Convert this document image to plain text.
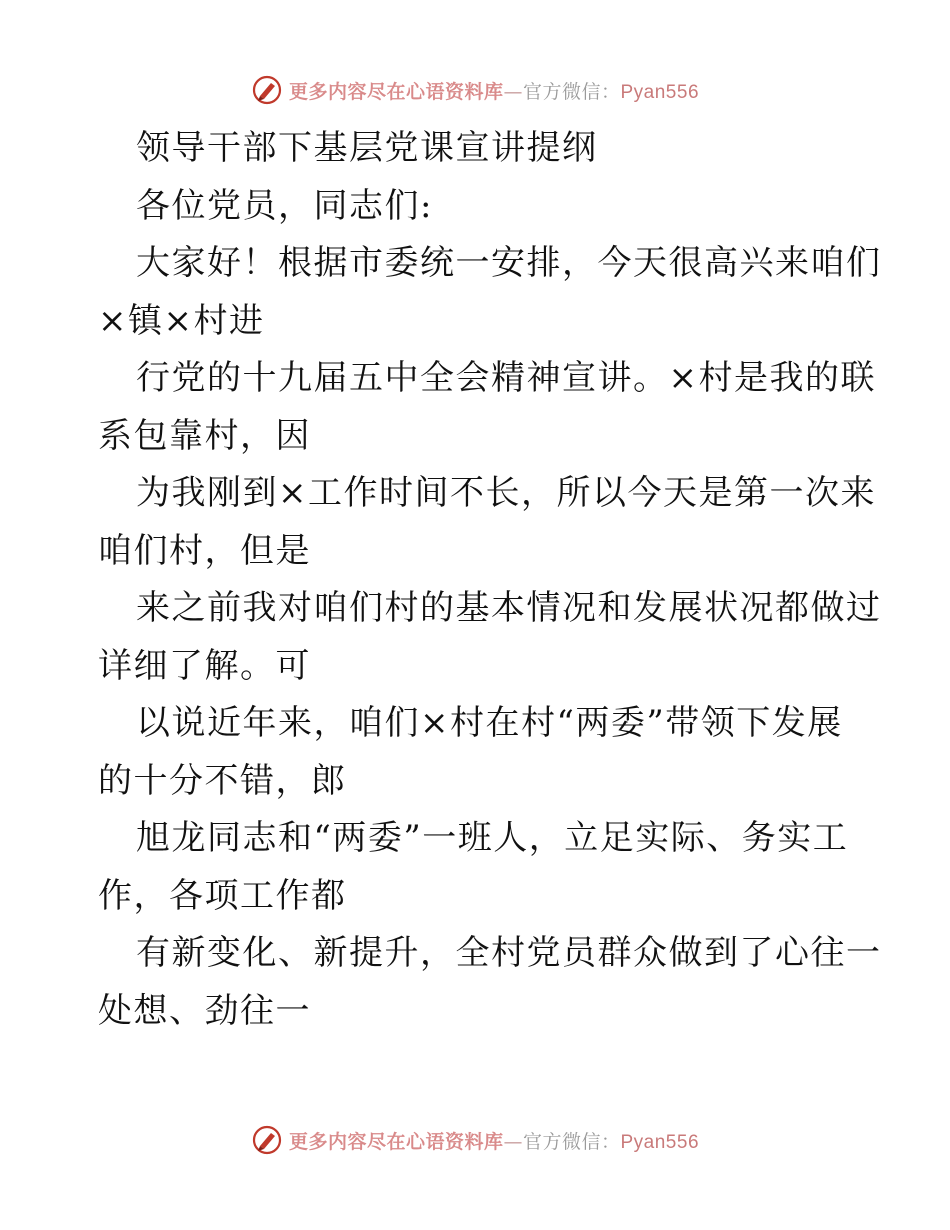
更多内容尽在心语资料库 — 官方微信： Pyan556
领导干部下基层党课宣讲提纲
各位党员，同志们:
大家好！根据市委统一安排，今天很高兴来咱们
×镇×村进
行党的十九届五中全会精神宣讲。×村是我的联
系包靠村，因
为我刚到×工作时间不长，所以今天是第一次来
咱们村，但是
来之前我对咱们村的基本情况和发展状况都做过
详细了解。可
以说近年来，咱们×村在村“两委”带领下发展
的十分不错，郎
旭龙同志和“两委”一班人，立足实际、务实工
作，各项工作都
有新变化、新提升，全村党员群众做到了心往一
处想、劲往一
更多内容尽在心语资料库 — 官方微信： Pyan556
